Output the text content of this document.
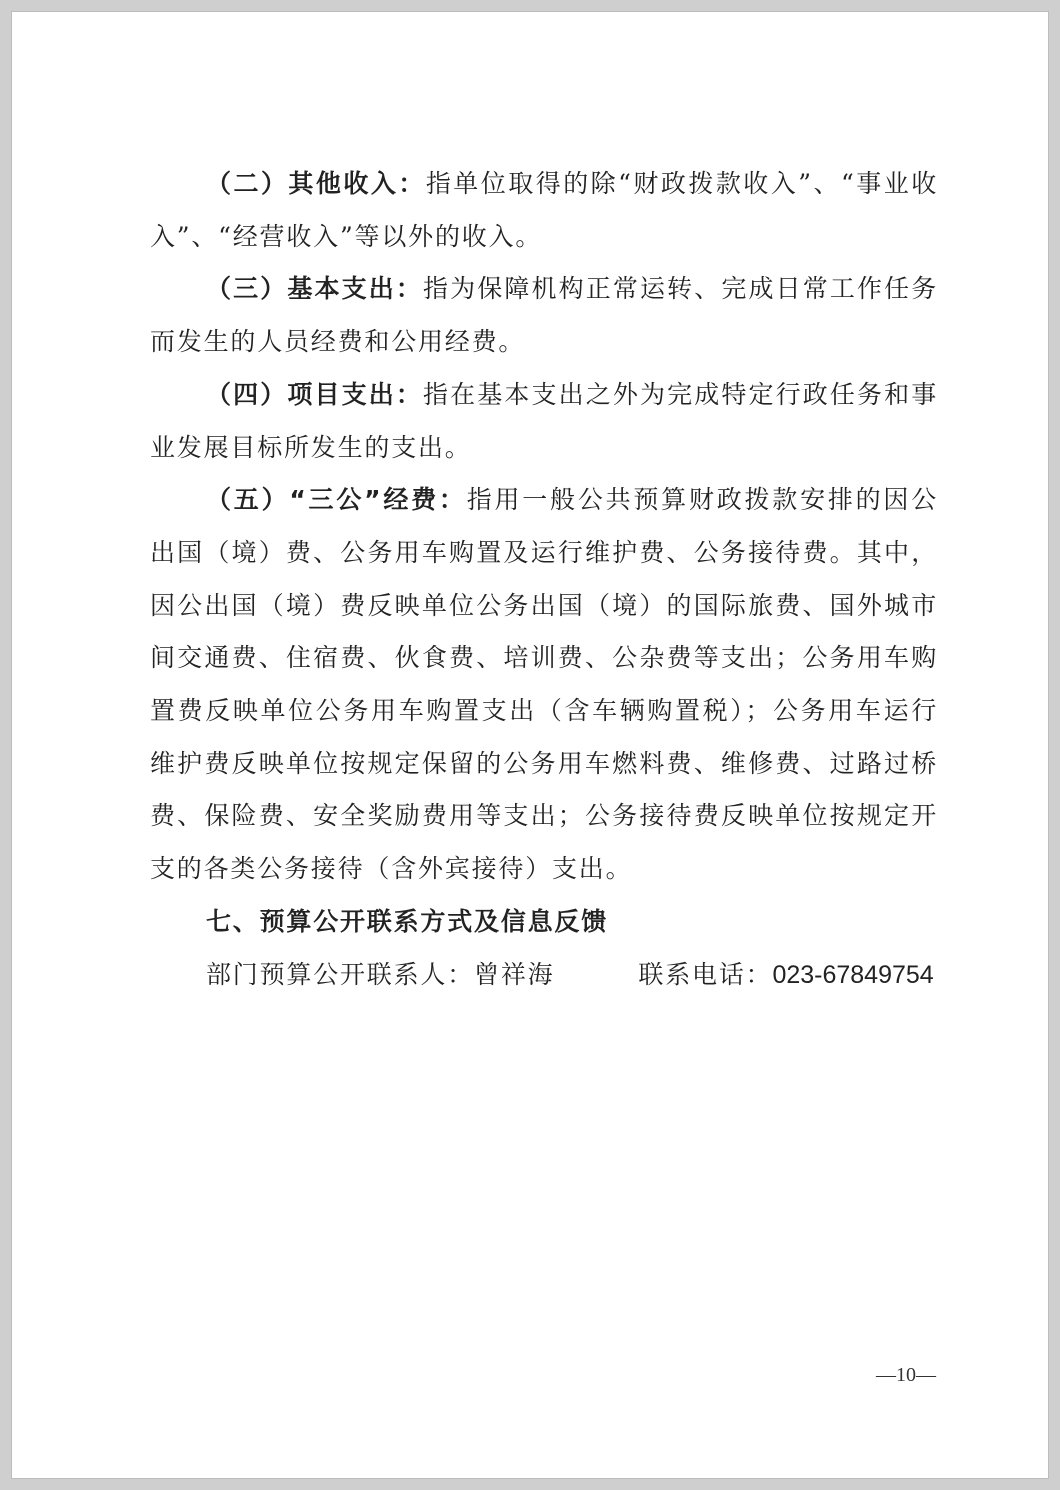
（二）其他收入：指单位取得的除“财政拨款收入”、“事业收入”、“经营收入”等以外的收入。

（三）基本支出：指为保障机构正常运转、完成日常工作任务而发生的人员经费和公用经费。

（四）项目支出：指在基本支出之外为完成特定行政任务和事业发展目标所发生的支出。

（五）“三公”经费：指用一般公共预算财政拨款安排的因公出国（境）费、公务用车购置及运行维护费、公务接待费。其中，因公出国（境）费反映单位公务出国（境）的国际旅费、国外城市间交通费、住宿费、伙食费、培训费、公杂费等支出；公务用车购置费反映单位公务用车购置支出（含车辆购置税）；公务用车运行维护费反映单位按规定保留的公务用车燃料费、维修费、过路过桥费、保险费、安全奖励费用等支出；公务接待费反映单位按规定开支的各类公务接待（含外宾接待）支出。

七、预算公开联系方式及信息反馈

部门预算公开联系人：曾祥海	联系电话：023-67849754

—10—
